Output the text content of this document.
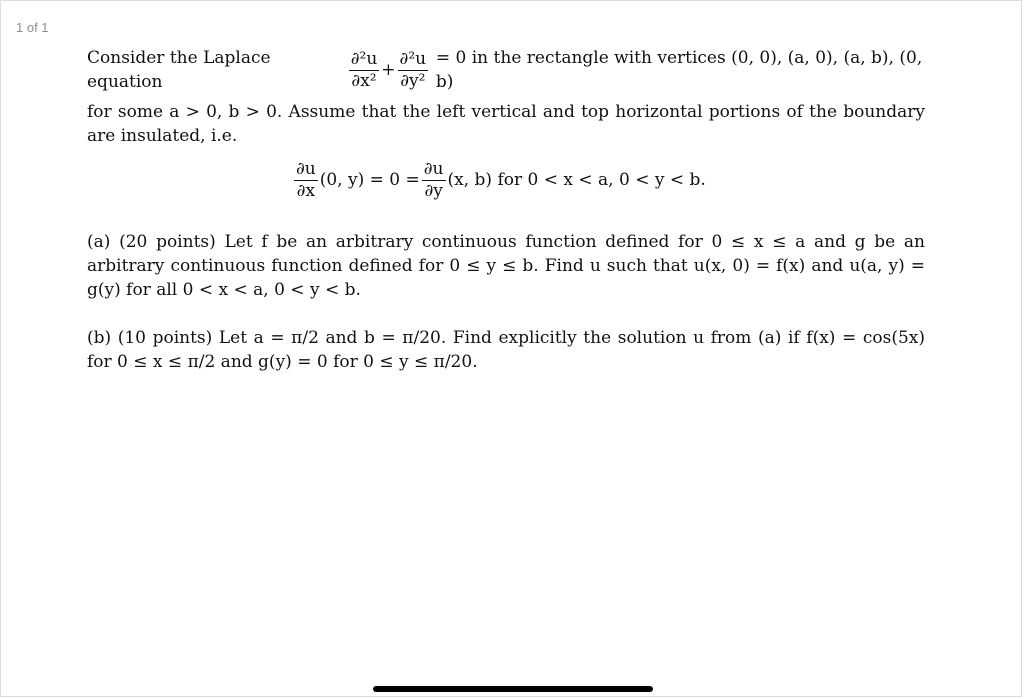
1 of 1
Consider the Laplace equation	$\frac{\text{∂²u}}{\text{∂x²}} + \frac{\text{∂²u}}{\text{∂y²}} = 0$ in the rectangle with vertices (0, 0), (a, 0), (a, b), (0, b)

for some a > 0, b > 0. Assume that the left vertical and top horizontal portions of the boundary are insulated, i.e.

$\frac{\partial u}{\partial x} (0$, $y) = 0 = \frac{\partial u}{\partial y} (x$, b) for 0 < x < a, 0 < y < b.

(a) (20 points) Let f be an arbitrary continuous function defined for 0 ≤ x ≤ a and g be an arbitrary continuous function defined for 0 ≤ y ≤ b. Find u such that u(x, 0) = f(x) and u(a, y) = g(y) for all 0 < x < a, 0 < y < b.

(b) (10 points) Let a = π/2 and b = π/20. Find explicitly the solution u from (a) if f(x) = cos(5x) for 0 ≤ x ≤ π/2 and g(y) = 0 for 0 ≤ y ≤ π/20.
